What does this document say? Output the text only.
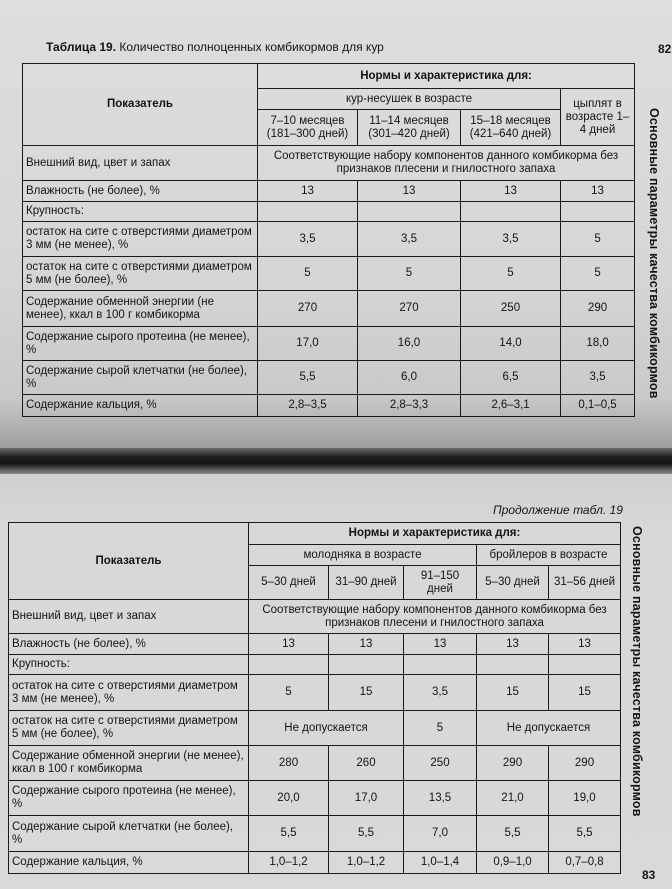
Таблица 19. Количество полноценных комбикормов для кур	82
Основные параметры качества комбикормов
Показатель	Нормы и характеристика для:			
	кур-несушек в возрасте			цыплят в возрасте 1–4 дней
	7–10 месяцев (181–300 дней)	11–14 месяцев (301–420 дней)	15–18 месяцев (421–640 дней)	
Внешний вид, цвет и запах	Соответствующие набору компонентов данного комбикорма без признаков плесени и гнилостного запаха			
Влажность (не более), %	13	13	13	13
Крупность:				
остаток на сите с отверстиями диаметром 3 мм (не менее), %	3,5	3,5	3,5	5
остаток на сите с отверстиями диаметром 5 мм (не более), %	5	5	5	5
Содержание обменной энергии (не менее), ккал в 100 г комбикорма	270	270	250	290
Содержание сырого протеина (не менее), %	17,0	16,0	14,0	18,0
Содержание сырой клетчатки (не более), %	5,5	6,0	6,5	3,5
Содержание кальция, %	2,8–3,5	2,8–3,3	2,6–3,1	0,1–0,5
Продолжение табл. 19
Основные параметры качества комбикормов
83
Показатель	Нормы и характеристика для:				
	молодняка в возрасте			бройлеров в возрасте	
	5–30 дней	31–90 дней	91–150 дней	5–30 дней	31–56 дней
Внешний вид, цвет и запах	Соответствующие набору компонентов данного комбикорма без признаков плесени и гнилостного запаха				
Влажность (не более), %	13	13	13	13	13
Крупность:					
остаток на сите с отверстиями диаметром 3 мм (не менее), %	5	15	3,5	15	15
остаток на сите с отверстиями диаметром 5 мм (не более), %	Не допускается		5	Не допускается	
Содержание обменной энергии (не менее), ккал в 100 г комбикорма	280	260	250	290	290
Содержание сырого протеина (не менее), %	20,0	17,0	13,5	21,0	19,0
Содержание сырой клетчатки (не более), %	5,5	5,5	7,0	5,5	5,5
Содержание кальция, %	1,0–1,2	1,0–1,2	1,0–1,4	0,9–1,0	0,7–0,8
